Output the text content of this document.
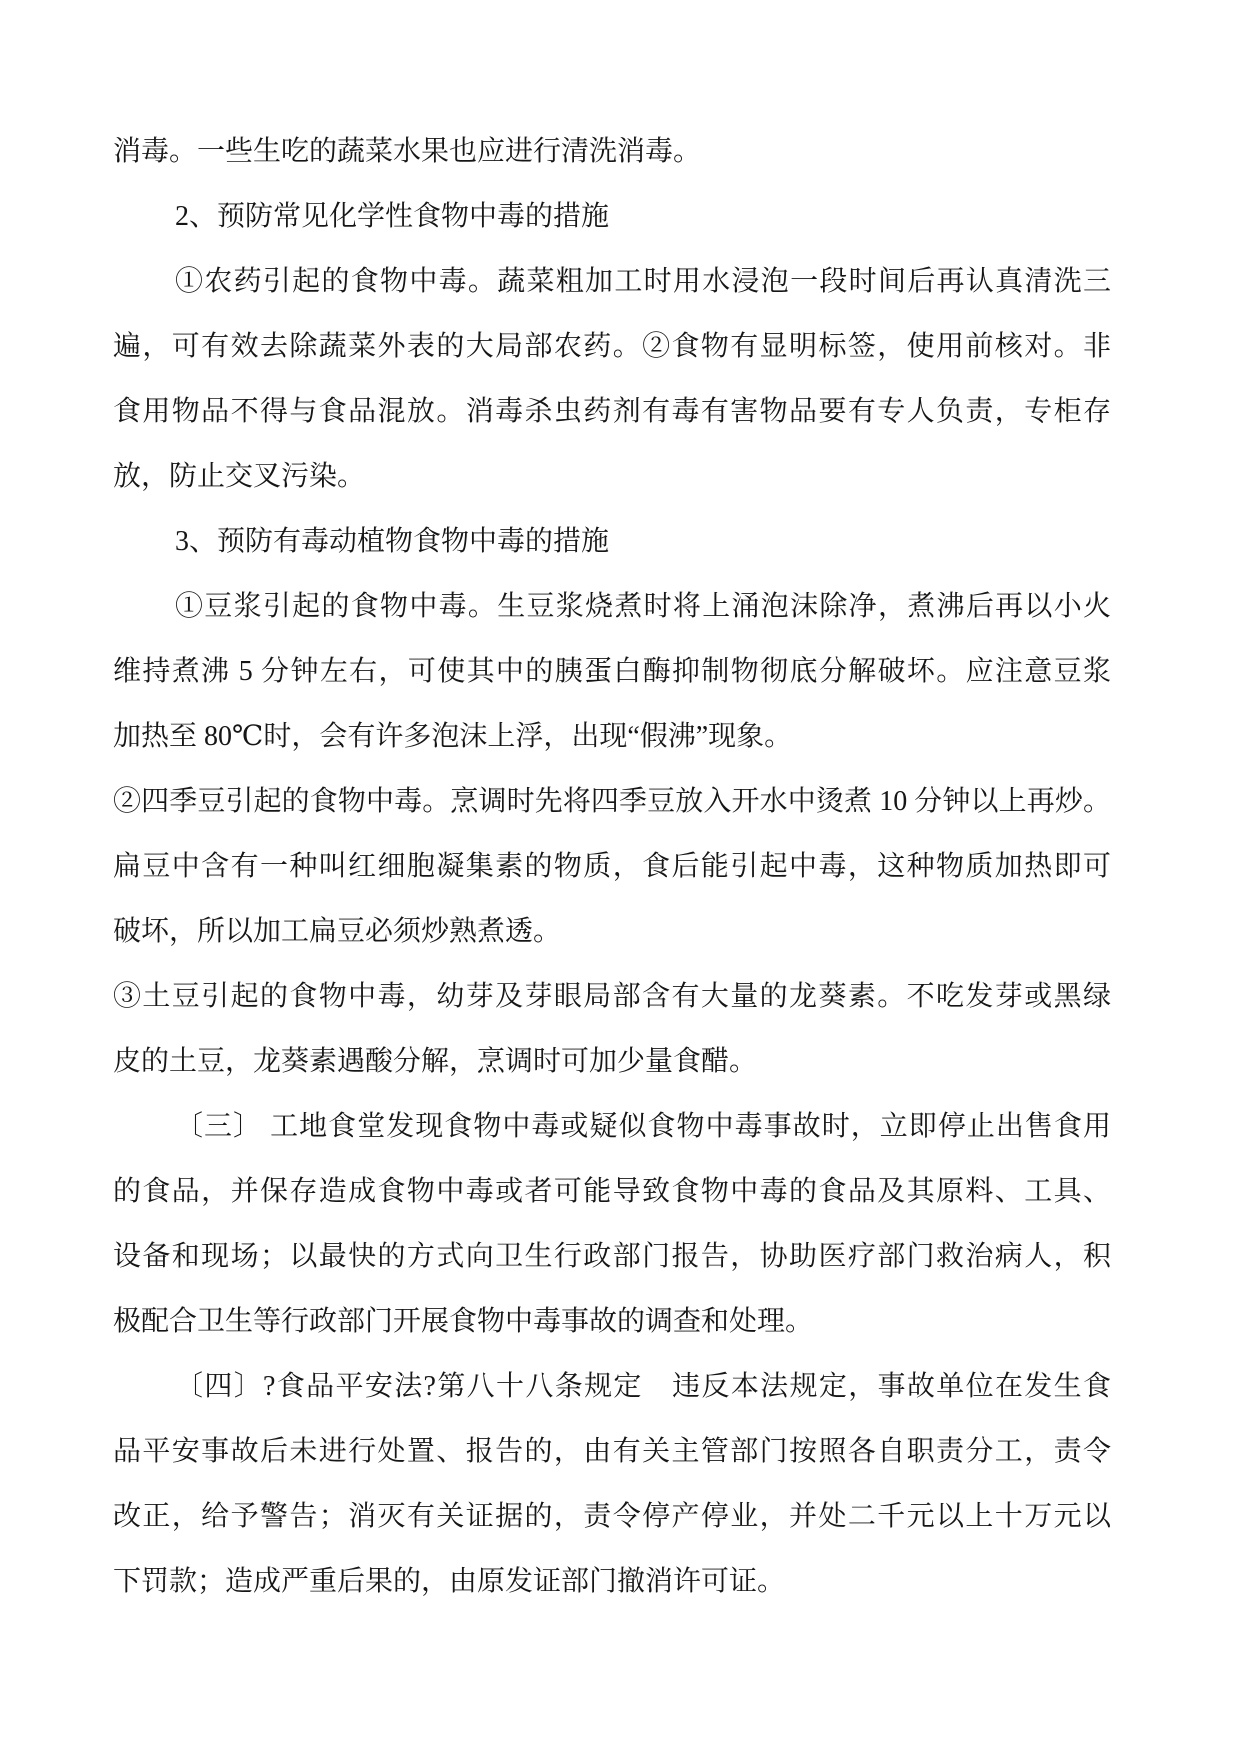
消毒。一些生吃的蔬菜水果也应进行清洗消毒。
2、预防常见化学性食物中毒的措施
①农药引起的食物中毒。蔬菜粗加工时用水浸泡一段时间后再认真清洗三
遍，可有效去除蔬菜外表的大局部农药。②食物有显明标签，使用前核对。非
食用物品不得与食品混放。消毒杀虫药剂有毒有害物品要有专人负责，专柜存
放，防止交叉污染。
3、预防有毒动植物食物中毒的措施
①豆浆引起的食物中毒。生豆浆烧煮时将上涌泡沫除净，煮沸后再以小火
维持煮沸 5 分钟左右，可使其中的胰蛋白酶抑制物彻底分解破坏。应注意豆浆
加热至 80℃时，会有许多泡沫上浮，出现“假沸”现象。
②四季豆引起的食物中毒。烹调时先将四季豆放入开水中烫煮 10 分钟以上再炒。
扁豆中含有一种叫红细胞凝集素的物质，食后能引起中毒，这种物质加热即可
破坏，所以加工扁豆必须炒熟煮透。
③土豆引起的食物中毒，幼芽及芽眼局部含有大量的龙葵素。不吃发芽或黑绿
皮的土豆，龙葵素遇酸分解，烹调时可加少量食醋。
〔三〕 工地食堂发现食物中毒或疑似食物中毒事故时，立即停止出售食用
的食品，并保存造成食物中毒或者可能导致食物中毒的食品及其原料、工具、
设备和现场；以最快的方式向卫生行政部门报告，协助医疗部门救治病人，积
极配合卫生等行政部门开展食物中毒事故的调查和处理。
〔四〕?食品平安法?第八十八条规定　违反本法规定，事故单位在发生食
品平安事故后未进行处置、报告的，由有关主管部门按照各自职责分工，责令
改正，给予警告；消灭有关证据的，责令停产停业，并处二千元以上十万元以
下罚款；造成严重后果的，由原发证部门撤消许可证。
